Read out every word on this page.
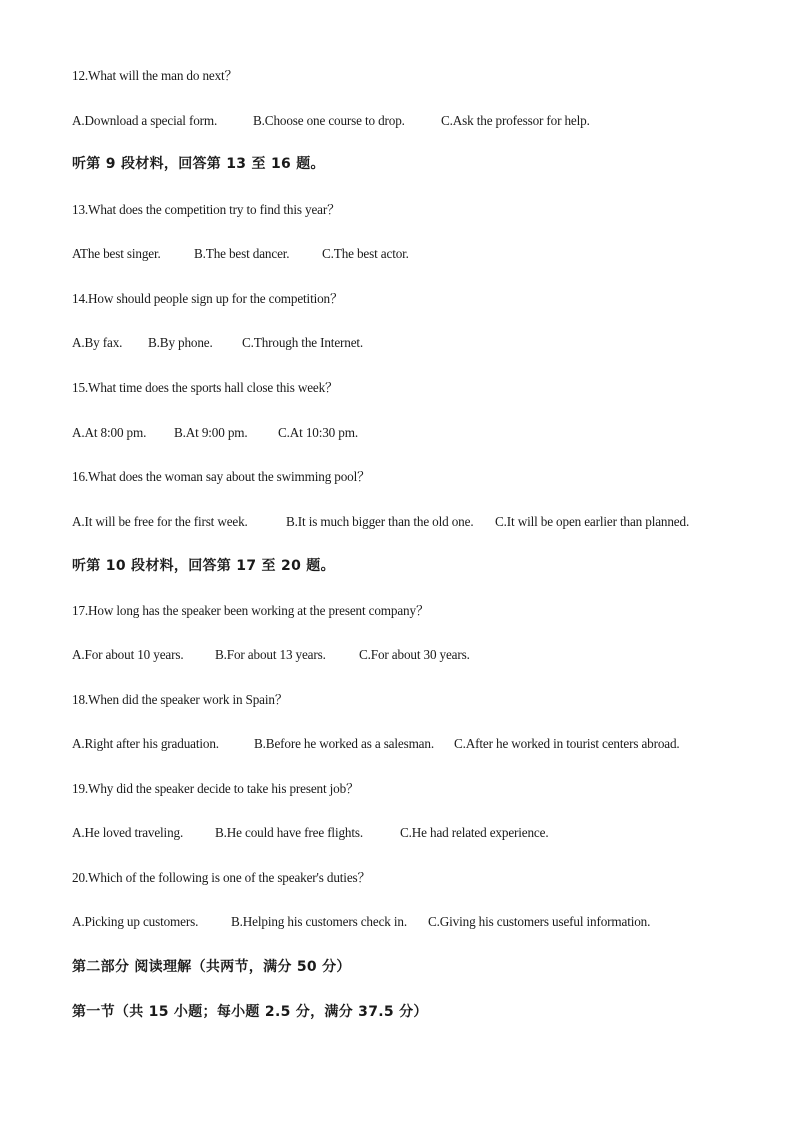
12.What will the man do next？
A.Download a special form.	B.Choose one course to drop.	C.Ask the professor for help.
听第 9 段材料，回答第 13 至 16 题。
13.What does the competition try to find this year？
AThe best singer.	B.The best dancer. C.The best actor.
14.How should people sign up for the competition？
A.By fax. B.By phone. C.Through the Internet.
15.What time does the sports hall close this week？
A.At 8:00 pm. B.At 9:00 pm. C.At 10:30 pm.
16.What does the woman say about the swimming pool？
A.It will be free for the first week.	B.It is much bigger than the old one. C.It will be open earlier than planned.
听第 10 段材料，回答第 17 至 20 题。
17.How long has the speaker been working at the present company？
A.For about 10 years. B.For about 13 years.	C.For about 30 years.
18.When did the speaker work in Spain？
A.Right after his graduation.	B.Before he worked as a salesman. C.After he worked in tourist centers abroad.
19.Why did the speaker decide to take his present job？
A.He loved traveling. B.He could have free flights.	C.He had related experience.
20.Which of the following is one of the speaker's duties？
A.Picking up customers. B.Helping his customers check in. C.Giving his customers useful information.
第二部分 阅读理解（共两节，满分 50 分）
第一节（共 15 小题；每小题 2.5 分，满分 37.5 分）
